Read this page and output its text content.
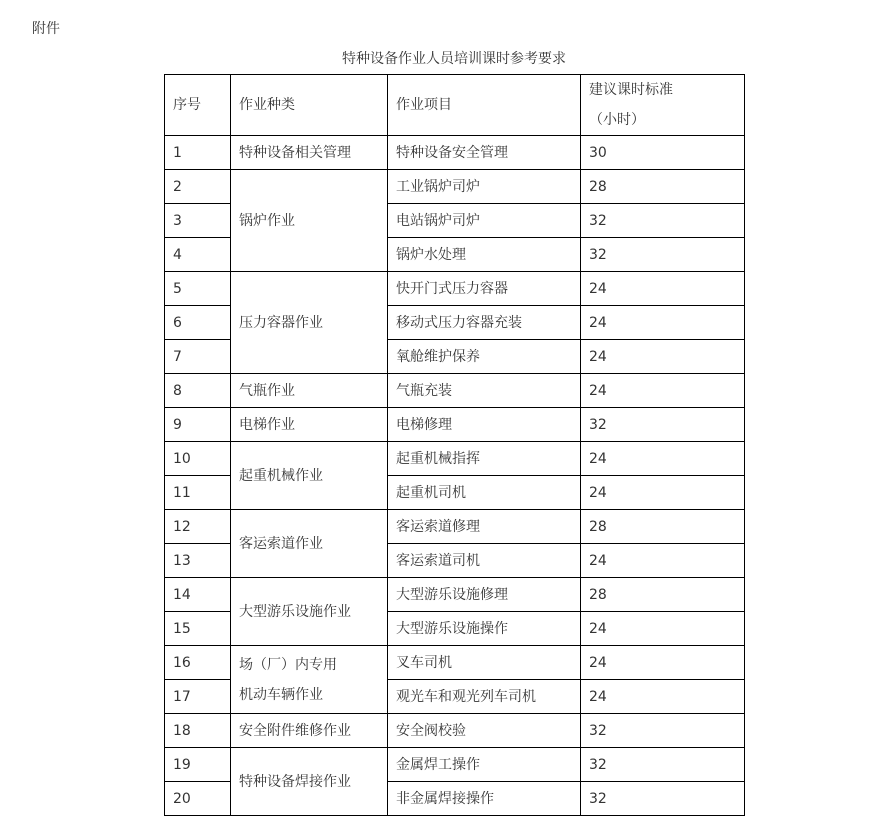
附件
特种设备作业人员培训课时参考要求
序号	作业种类	作业项目	建议课时标准
（小时）
1	特种设备相关管理	特种设备安全管理	30
2	锅炉作业	工业锅炉司炉	28
3		电站锅炉司炉	32
4		锅炉水处理	32
5	压力容器作业	快开门式压力容器	24
6		移动式压力容器充装	24
7		氧舱维护保养	24
8	气瓶作业	气瓶充装	24
9	电梯作业	电梯修理	32
10	起重机械作业	起重机械指挥	24
11		起重机司机	24
12	客运索道作业	客运索道修理	28
13		客运索道司机	24
14	大型游乐设施作业	大型游乐设施修理	28
15		大型游乐设施操作	24
16	场（厂）内专用
机动车辆作业	叉车司机	24
17		观光车和观光列车司机	24
18	安全附件维修作业	安全阀校验	32
19	特种设备焊接作业	金属焊工操作	32
20		非金属焊接操作	32
